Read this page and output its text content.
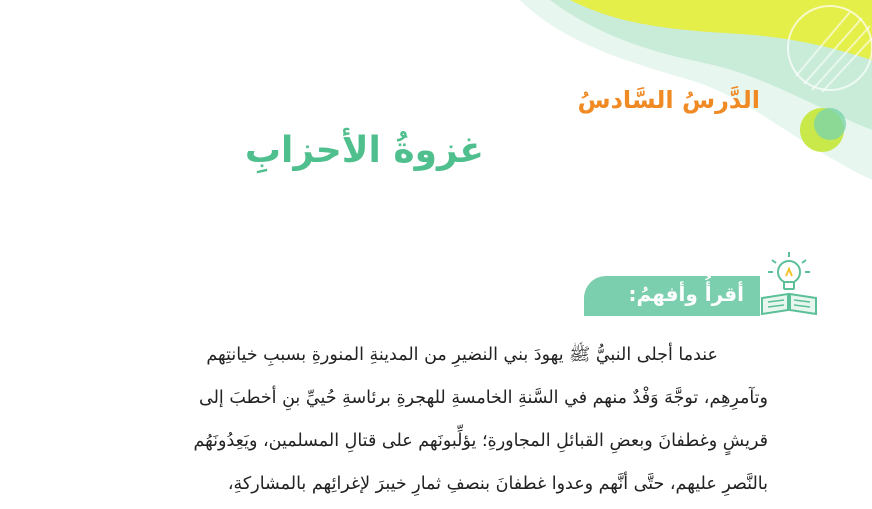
الدَّرسُ السَّادسُ
غزوةُ الأحزابِ
أقرأُ وأفهمُ:
عندما أجلى النبيُّ ﷺ يهودَ بني النضيرِ من المدينةِ المنورةِ بسببِ خيانتِهم
وتآمرِهِم، توجَّهَ وَفْدٌ منهم في السَّنةِ الخامسةِ للهجرةِ برئاسةِ حُييِّ بنِ أخطبَ إلى
قريشٍ وغطفانَ وبعضِ القبائلِ المجاورةِ؛ يؤلِّبونَهم على قتالِ المسلمين، ويَعِدُونَهُم
بالنَّصرِ عليهم، حتَّى أنَّهم وعدوا غطفانَ بنصفِ ثمارِ خيبرَ لإغرائِهم بالمشاركةِ،
